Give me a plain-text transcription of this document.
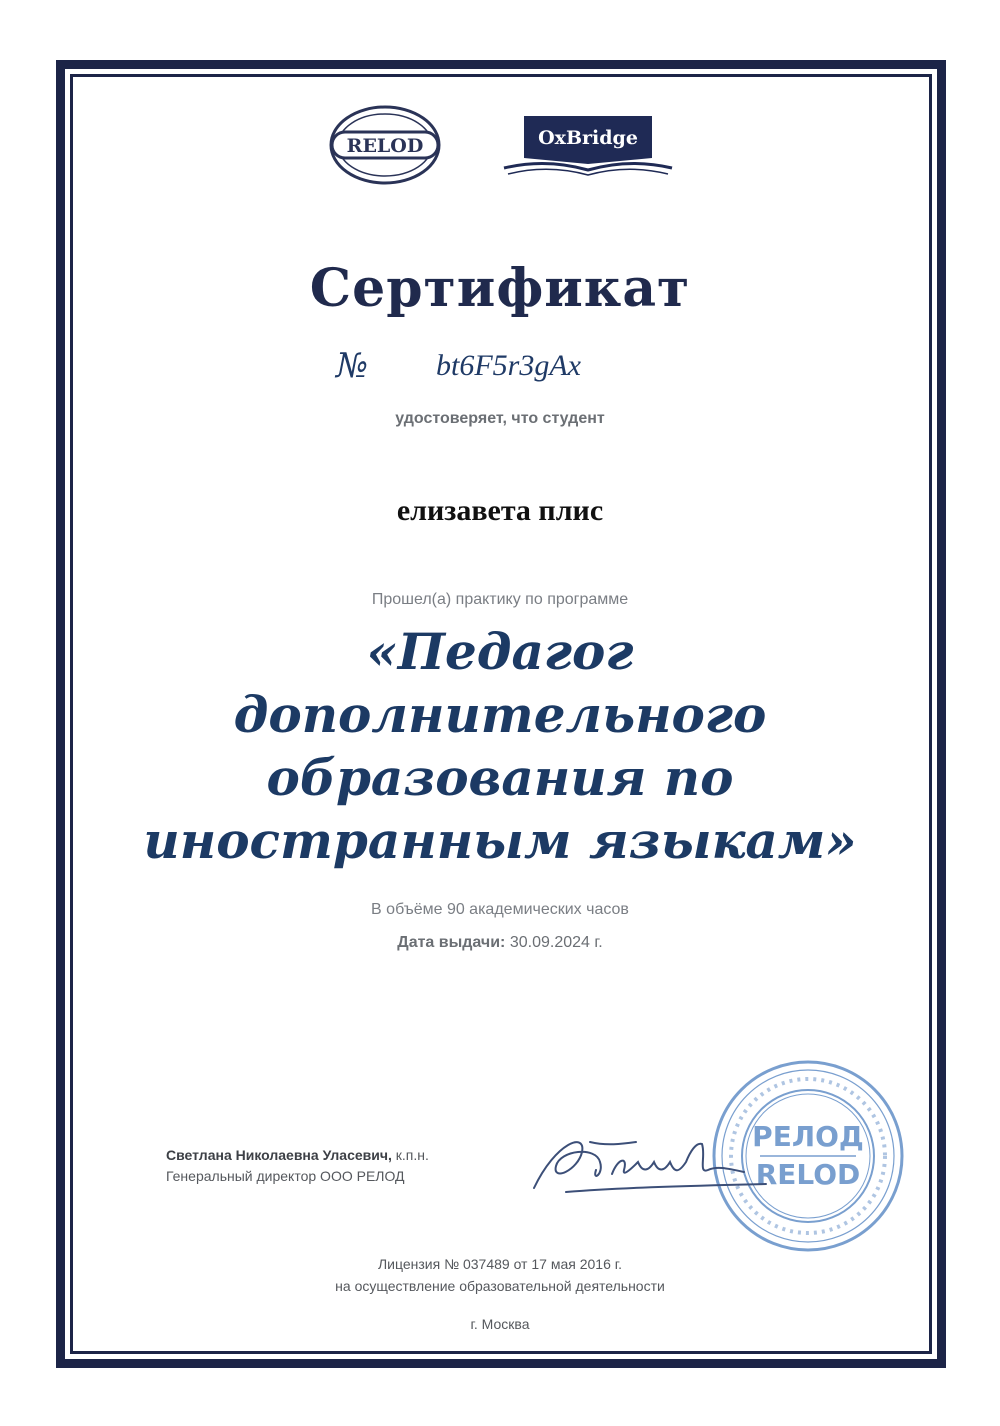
RELOD	OxBridge
Сертификат
№ bt6F5r3gAx
удостоверяет, что студент
елизавета плис
Прошел(а) практику по программе
«Педагог
дополнительного
образования по
иностранным языкам»
В объёме 90 академических часов
Дата выдачи: 30.09.2024 г.
Светлана Николаевна Уласевич, к.п.н.
Генеральный директор ООО РЕЛОД
РЕЛОД
RELOD
Лицензия № 037489 от 17 мая 2016 г.
на осуществление образовательной деятельности
г. Москва
